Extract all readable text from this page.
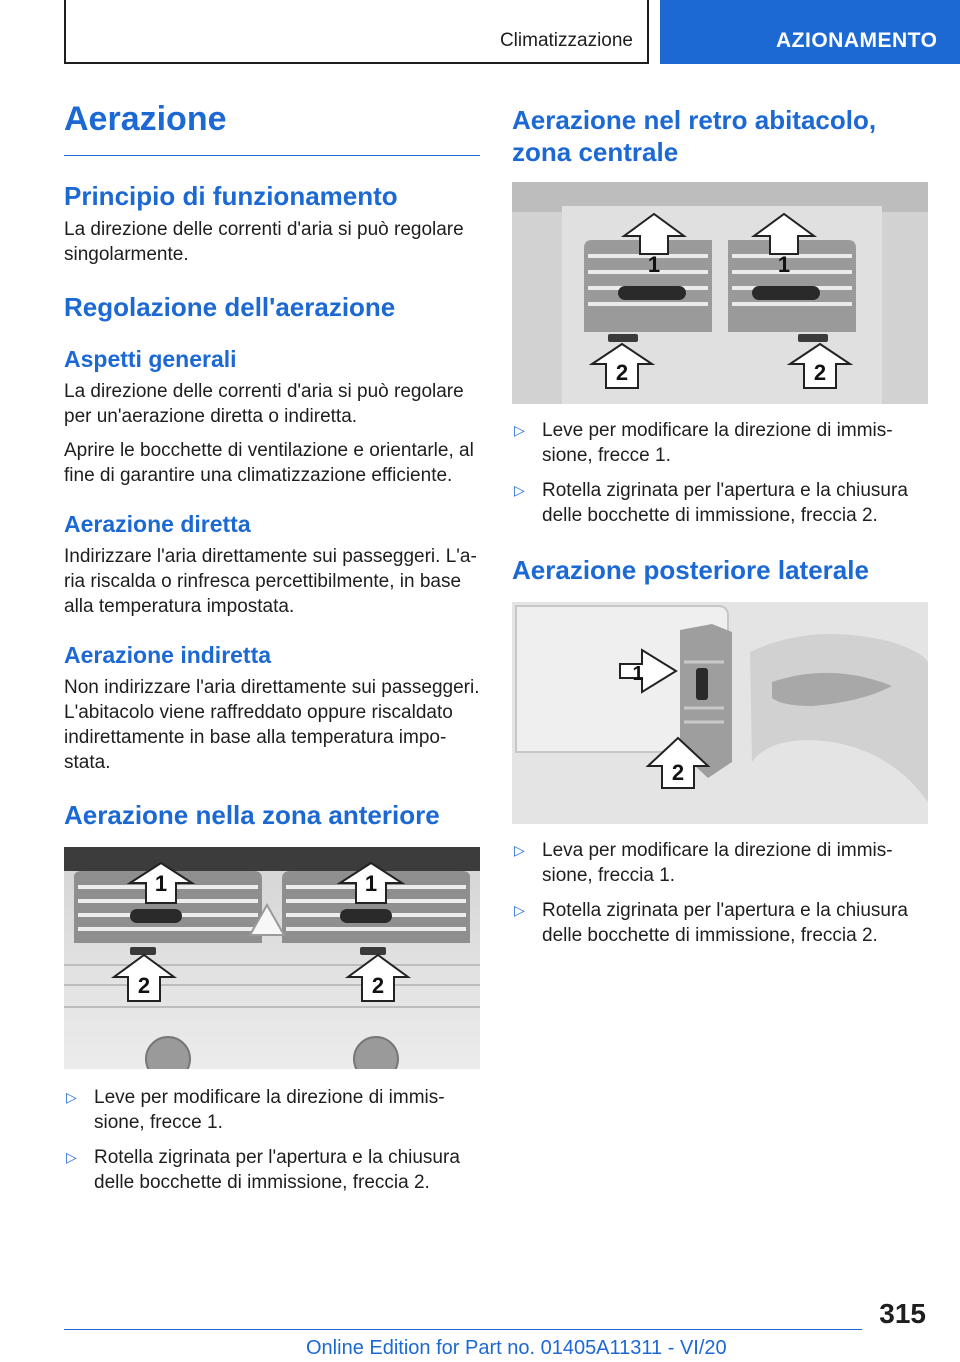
Climatizzazione	AZIONAMENTO
Aerazione
Principio di funzionamento

La direzione delle correnti d'aria si può regolare singolarmente.

Regolazione dell'aerazione
Aspetti generali

La direzione delle correnti d'aria si può regolare per un'aerazione diretta o indiretta.

Aprire le bocchette di ventilazione e orientarle, al fine di garantire una climatizzazione efficiente.

Aerazione diretta

Indirizzare l'aria direttamente sui passeggeri. L'aria riscalda o rinfresca percettibilmente, in base alla temperatura impostata.

Aerazione indiretta

Non indirizzare l'aria direttamente sui passeggeri. L'abitacolo viene raffreddato oppure riscaldato indirettamente in base alla temperatura impostata.

Aerazione nella zona anteriore
1	1
2	2
▷ Leve per modificare la direzione di immissione, frecce 1.
▷ Rotella zigrinata per l'apertura e la chiusura delle bocchette di immissione, freccia 2.
Aerazione nel retro abitacolo, zona centrale
1	1
2	2
▷ Leve per modificare la direzione di immissione, frecce 1.
▷ Rotella zigrinata per l'apertura e la chiusura delle bocchette di immissione, freccia 2.
Aerazione posteriore laterale
1
2
▷ Leva per modificare la direzione di immissione, freccia 1.
▷ Rotella zigrinata per l'apertura e la chiusura delle bocchette di immissione, freccia 2.
315
Online Edition for Part no. 01405A11311 - VI/20
